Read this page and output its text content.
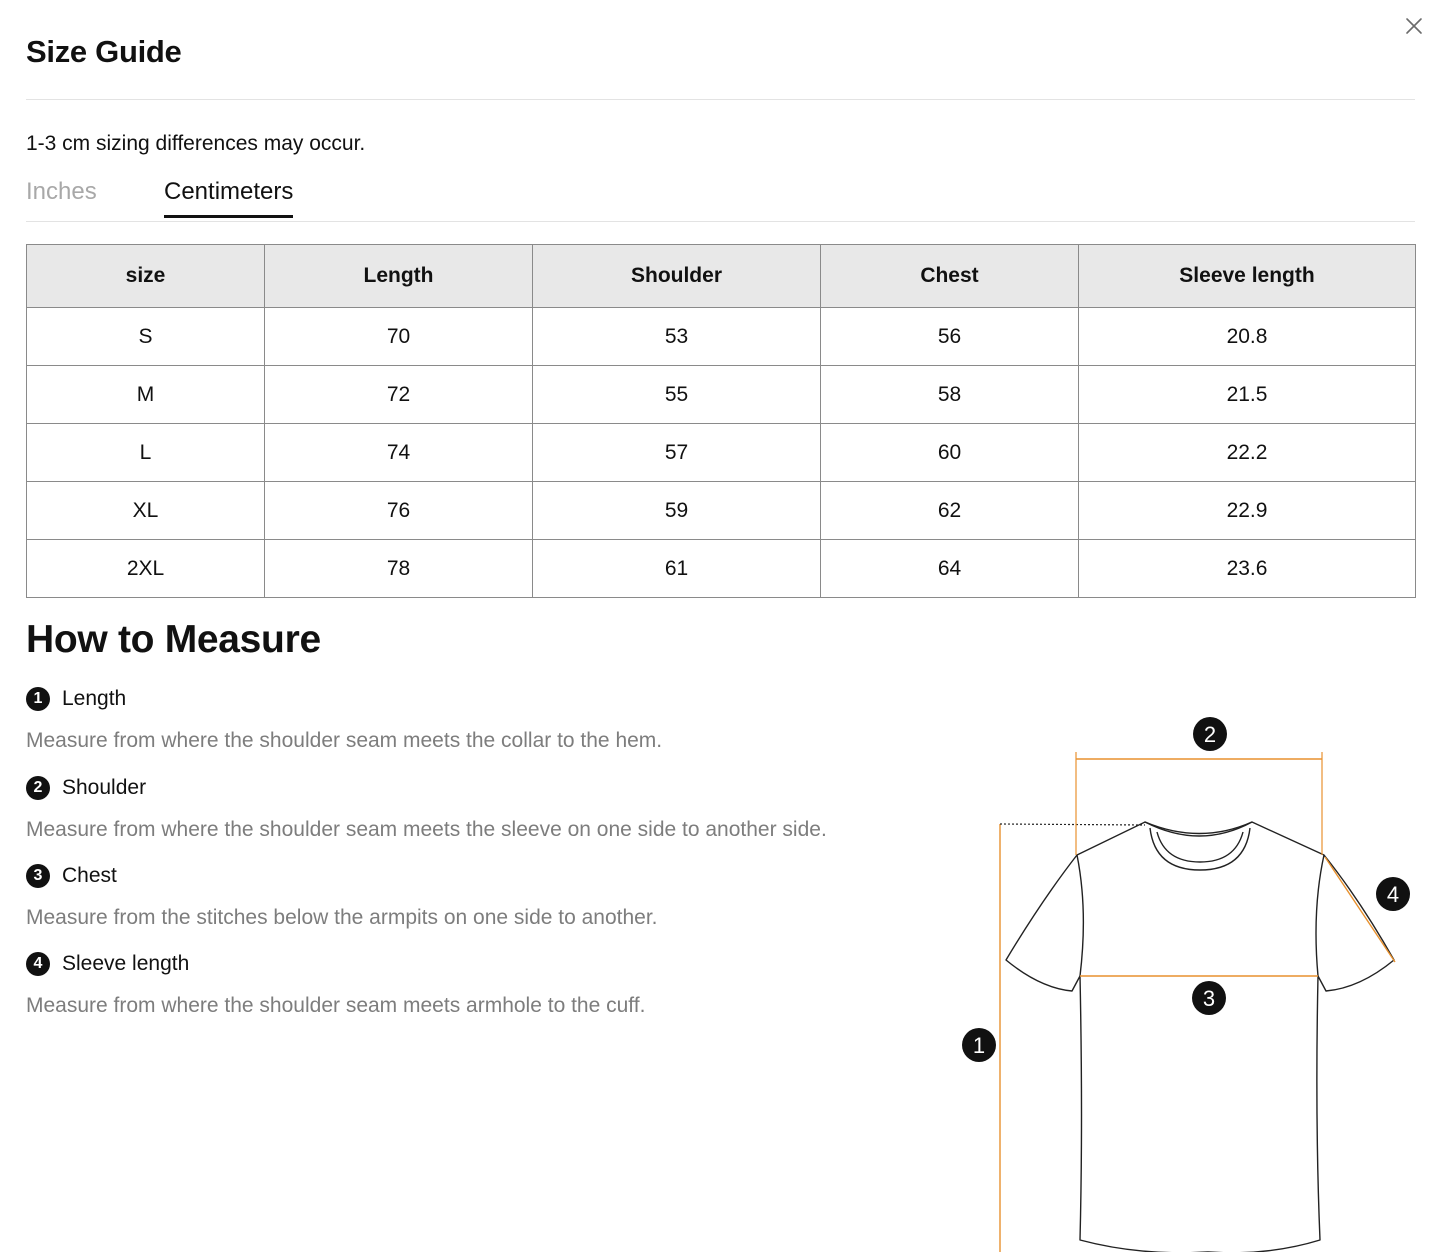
Size Guide
1-3 cm sizing differences may occur.
Inches	Centimeters
size	Length	Shoulder	Chest	Sleeve length
S	70	53	56	20.8
M	72	55	58	21.5
L	74	57	60	22.2
XL	76	59	62	22.9
2XL	78	61	64	23.6
How to Measure
1 Length
Measure from where the shoulder seam meets the collar to the hem.
2 Shoulder
Measure from where the shoulder seam meets the sleeve on one side to another side.
3 Chest
Measure from the stitches below the armpits on one side to another.
4 Sleeve length
Measure from where the shoulder seam meets armhole to the cuff.
1
2
3
4
